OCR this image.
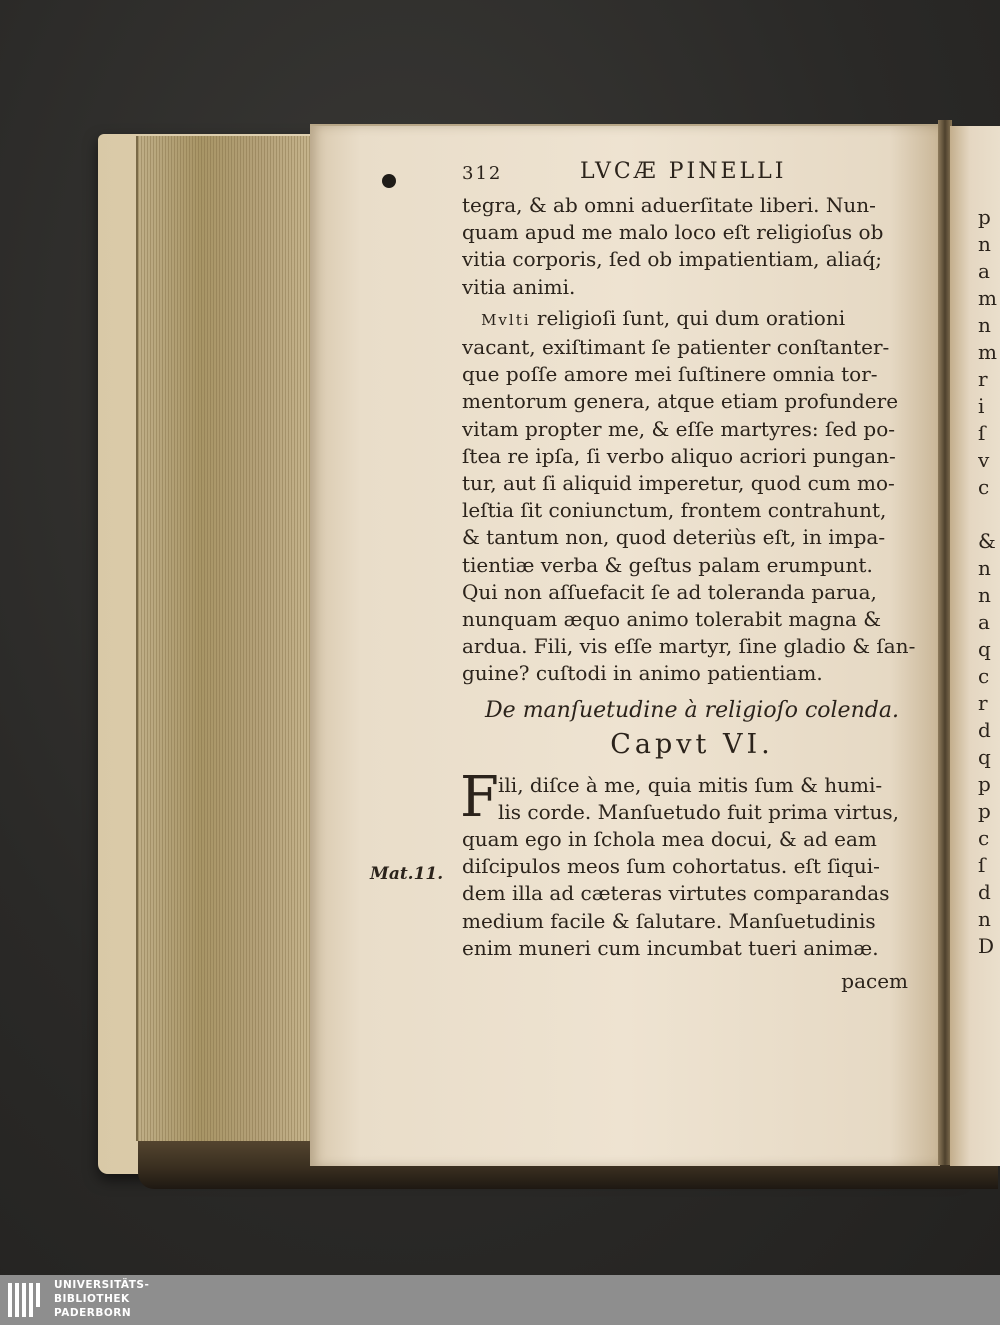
312	LVCÆ PINELLI
tegra, & ab omni aduerſitate liberi. Nun-
quam apud me malo loco eſt religioſus ob
vitia corporis, ſed ob impatientiam, aliaq́;
vitia animi.
Mvlti religioſi ſunt, qui dum orationi
vacant, exiſtimant ſe patienter conſtanter-
que poſſe amore mei ſuſtinere omnia tor-
mentorum genera, atque etiam profundere
vitam propter me, & eſſe martyres: ſed po-
ſtea re ipſa, ſi verbo aliquo acriori pungan-
tur, aut ſi aliquid imperetur, quod cum mo-
leſtia ſit coniunctum, frontem contrahunt,
& tantum non, quod deteriùs eſt, in impa-
tientiæ verba & geſtus palam erumpunt.
Qui non aſſuefacit ſe ad toleranda parua,
nunquam æquo animo tolerabit magna &
ardua. Fili, vis eſſe martyr, ſine gladio & ſan-
guine? cuſtodi in animo patientiam.
De manſuetudine à religioſo colenda.
Capvt VI.
F ili, diſce à me, quia mitis ſum & humi-
lis corde. Manſuetudo fuit prima virtus,
quam ego in ſchola mea docui, & ad eam
diſcipulos meos ſum cohortatus. eſt ſiqui-
dem illa ad cæteras virtutes comparandas
medium facile & ſalutare. Manſuetudinis
enim muneri cum incumbat tueri animæ.
pacem
Mat.11.
p
n
a
m
n
m
r
i
ſ
v
c
&
n
n
a
q
c
r
d
q
p
p
c
ſ
d
n
D
UNIVERSITÄTS-
BIBLIOTHEK
PADERBORN
